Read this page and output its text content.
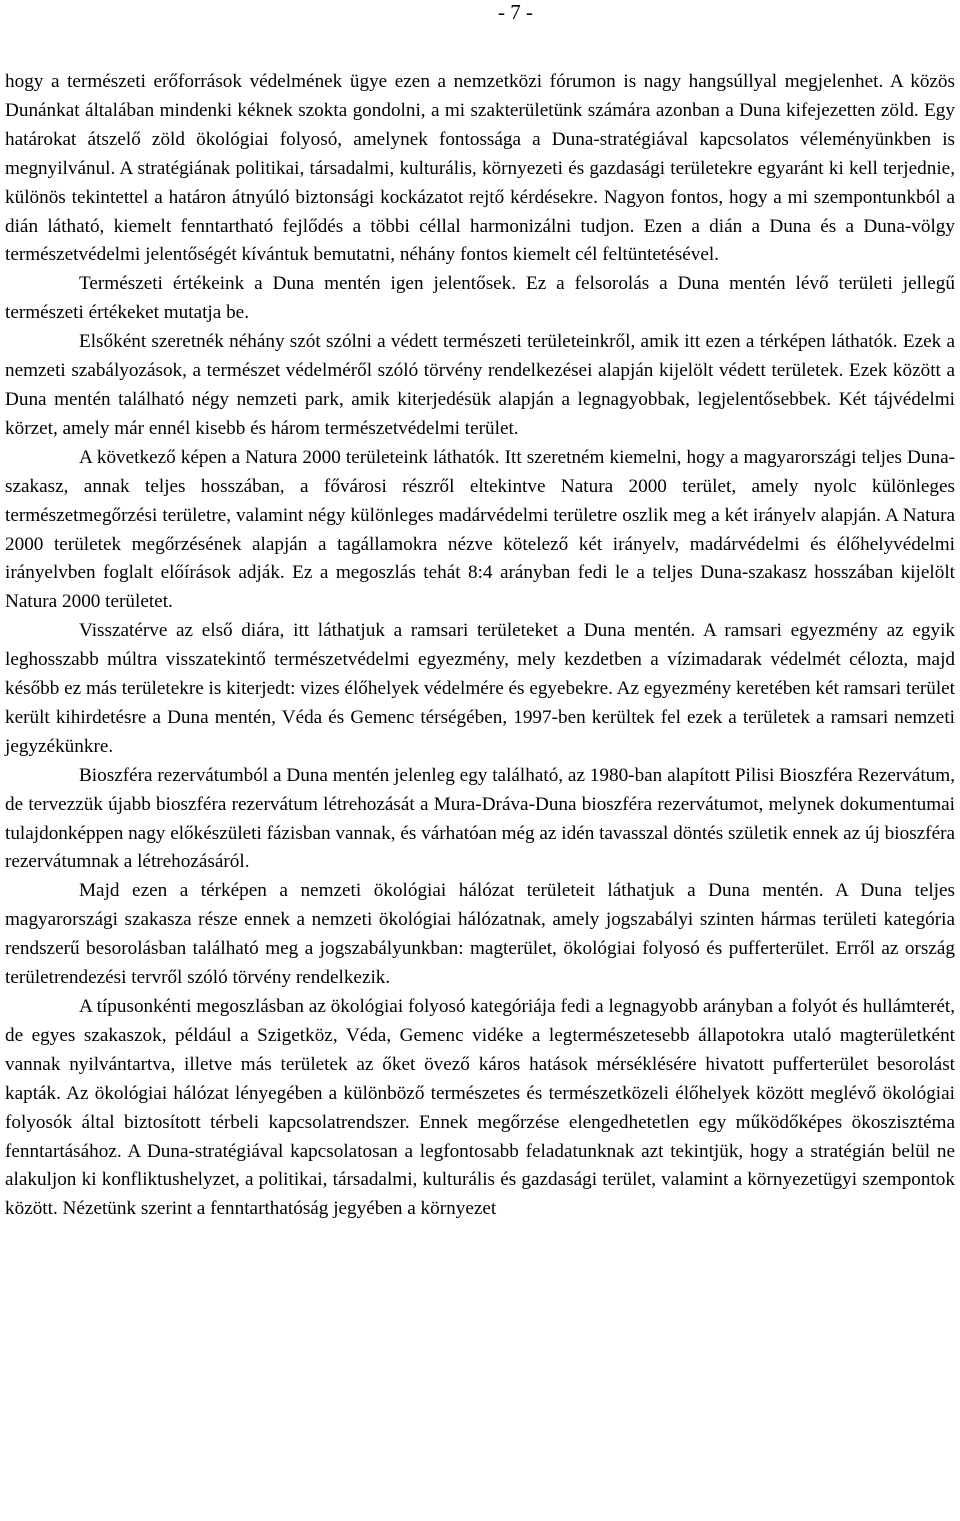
- 7 -

hogy a természeti erőforrások védelmének ügye ezen a nemzetközi fórumon is nagy hangsúllyal megjelenhet. A közös Dunánkat általában mindenki kéknek szokta gondolni, a mi szakterületünk számára azonban a Duna kifejezetten zöld. Egy határokat átszelő zöld ökológiai folyosó, amelynek fontossága a Duna-stratégiával kapcsolatos véleményünkben is megnyilvánul. A stratégiának politikai, társadalmi, kulturális, környezeti és gazdasági területekre egyaránt ki kell terjednie, különös tekintettel a határon átnyúló biztonsági kockázatot rejtő kérdésekre. Nagyon fontos, hogy a mi szempontunkból a dián látható, kiemelt fenntartható fejlődés a többi céllal harmonizálni tudjon. Ezen a dián a Duna és a Duna-völgy természetvédelmi jelentőségét kívántuk bemutatni, néhány fontos kiemelt cél feltüntetésével.

Természeti értékeink a Duna mentén igen jelentősek. Ez a felsorolás a Duna mentén lévő területi jellegű természeti értékeket mutatja be.

Elsőként szeretnék néhány szót szólni a védett természeti területeinkről, amik itt ezen a térképen láthatók. Ezek a nemzeti szabályozások, a természet védelméről szóló törvény rendelkezései alapján kijelölt védett területek. Ezek között a Duna mentén található négy nemzeti park, amik kiterjedésük alapján a legnagyobbak, legjelentősebbek. Két tájvédelmi körzet, amely már ennél kisebb és három természetvédelmi terület.

A következő képen a Natura 2000 területeink láthatók. Itt szeretném kiemelni, hogy a magyarországi teljes Duna-szakasz, annak teljes hosszában, a fővárosi részről eltekintve Natura 2000 terület, amely nyolc különleges természetmegőrzési területre, valamint négy különleges madárvédelmi területre oszlik meg a két irányelv alapján. A Natura 2000 területek megőrzésének alapján a tagállamokra nézve kötelező két irányelv, madárvédelmi és élőhelyvédelmi irányelvben foglalt előírások adják. Ez a megoszlás tehát 8:4 arányban fedi le a teljes Duna-szakasz hosszában kijelölt Natura 2000 területet.

Visszatérve az első diára, itt láthatjuk a ramsari területeket a Duna mentén. A ramsari egyezmény az egyik leghosszabb múltra visszatekintő természetvédelmi egyezmény, mely kezdetben a vízimadarak védelmét célozta, majd később ez más területekre is kiterjedt: vizes élőhelyek védelmére és egyebekre. Az egyezmény keretében két ramsari terület került kihirdetésre a Duna mentén, Véda és Gemenc térségében, 1997-ben kerültek fel ezek a területek a ramsari nemzeti jegyzékünkre.

Bioszféra rezervátumból a Duna mentén jelenleg egy található, az 1980-ban alapított Pilisi Bioszféra Rezervátum, de tervezzük újabb bioszféra rezervátum létrehozását a Mura-Dráva-Duna bioszféra rezervátumot, melynek dokumentumai tulajdonképpen nagy előkészületi fázisban vannak, és várhatóan még az idén tavasszal döntés születik ennek az új bioszféra rezervátumnak a létrehozásáról.

Majd ezen a térképen a nemzeti ökológiai hálózat területeit láthatjuk a Duna mentén. A Duna teljes magyarországi szakasza része ennek a nemzeti ökológiai hálózatnak, amely jogszabályi szinten hármas területi kategória rendszerű besorolásban található meg a jogszabályunkban: magterület, ökológiai folyosó és pufferterület. Erről az ország területrendezési tervről szóló törvény rendelkezik.

A típusonkénti megoszlásban az ökológiai folyosó kategóriája fedi a legnagyobb arányban a folyót és hullámterét, de egyes szakaszok, például a Szigetköz, Véda, Gemenc vidéke a legtermészetesebb állapotokra utaló magterületként vannak nyilvántartva, illetve más területek az őket övező káros hatások mérséklésére hivatott pufferterület besorolást kapták. Az ökológiai hálózat lényegében a különböző természetes és természetközeli élőhelyek között meglévő ökológiai folyosók által biztosított térbeli kapcsolatrendszer. Ennek megőrzése elengedhetetlen egy működőképes ökoszisztéma fenntartásához. A Duna-stratégiával kapcsolatosan a legfontosabb feladatunknak azt tekintjük, hogy a stratégián belül ne alakuljon ki konfliktushelyzet, a politikai, társadalmi, kulturális és gazdasági terület, valamint a környezetügyi szempontok között. Nézetünk szerint a fenntarthatóság jegyében a környezet
